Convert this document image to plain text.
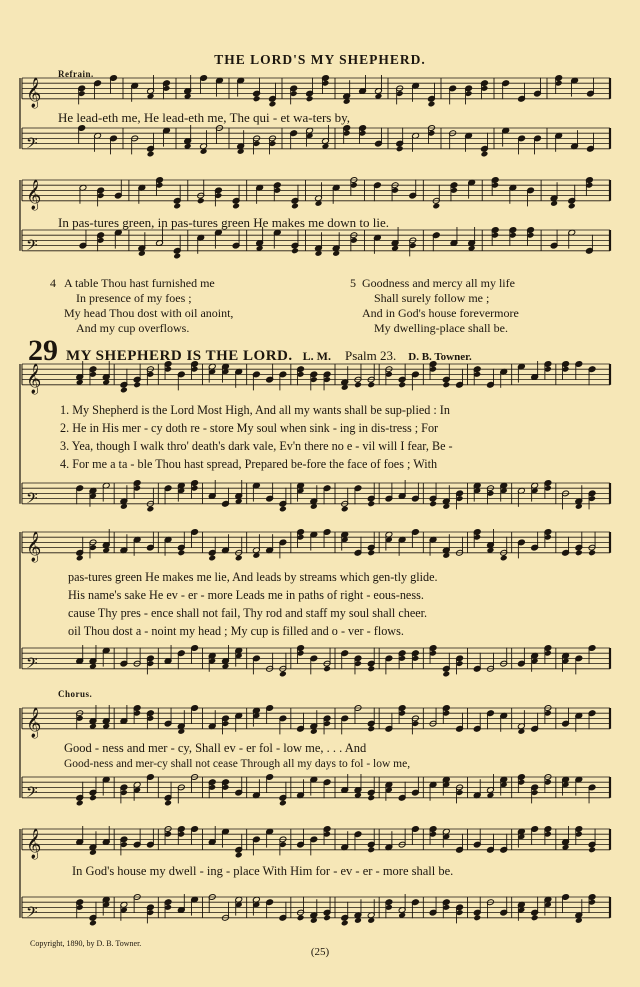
𝄞
𝄢
𝄞
𝄢
𝄞
𝄢
𝄞
𝄢
𝄞
𝄢
𝄞
𝄢
THE LORD'S MY SHEPHERD.
Refrain.
He lead-eth me, He lead-eth me, The qui - et wa-ters by,
In pas-tures green, in pas-tures green He makes me down to lie.
4 A table Thou hast furnished me
In presence of my foes ;
My head Thou dost with oil anoint,
And my cup overflows.
5 Goodness and mercy all my life
Shall surely follow me ;
And in God's house forevermore
My dwelling-place shall be.
29 MY SHEPHERD IS THE LORD. L. M. Psalm 23. D. B. Towner.
1. My Shepherd is the Lord Most High, And all my wants shall be sup-plied : In
2. He in His mer - cy doth re - store My soul when sink - ing in dis-tress ; For
3. Yea, though I walk thro' death's dark vale, Ev'n there no e - vil will I fear, Be -
4. For me a ta - ble Thou hast spread, Prepared be-fore the face of foes ; With
pas-tures green He makes me lie, And leads by streams which gen-tly glide.
His name's sake He ev - er - more Leads me in paths of right - eous-ness.
cause Thy pres - ence shall not fail, Thy rod and staff my soul shall cheer.
oil Thou dost a - noint my head ; My cup is filled and o - ver - flows.
Chorus.
Good - ness and mer - cy, Shall ev - er fol - low me, . . . And
Good-ness and mer-cy shall not cease Through all my days to fol - low me,
In God's house my dwell - ing - place With Him for - ev - er - more shall be.
Copyright, 1890, by D. B. Towner.
(25)
